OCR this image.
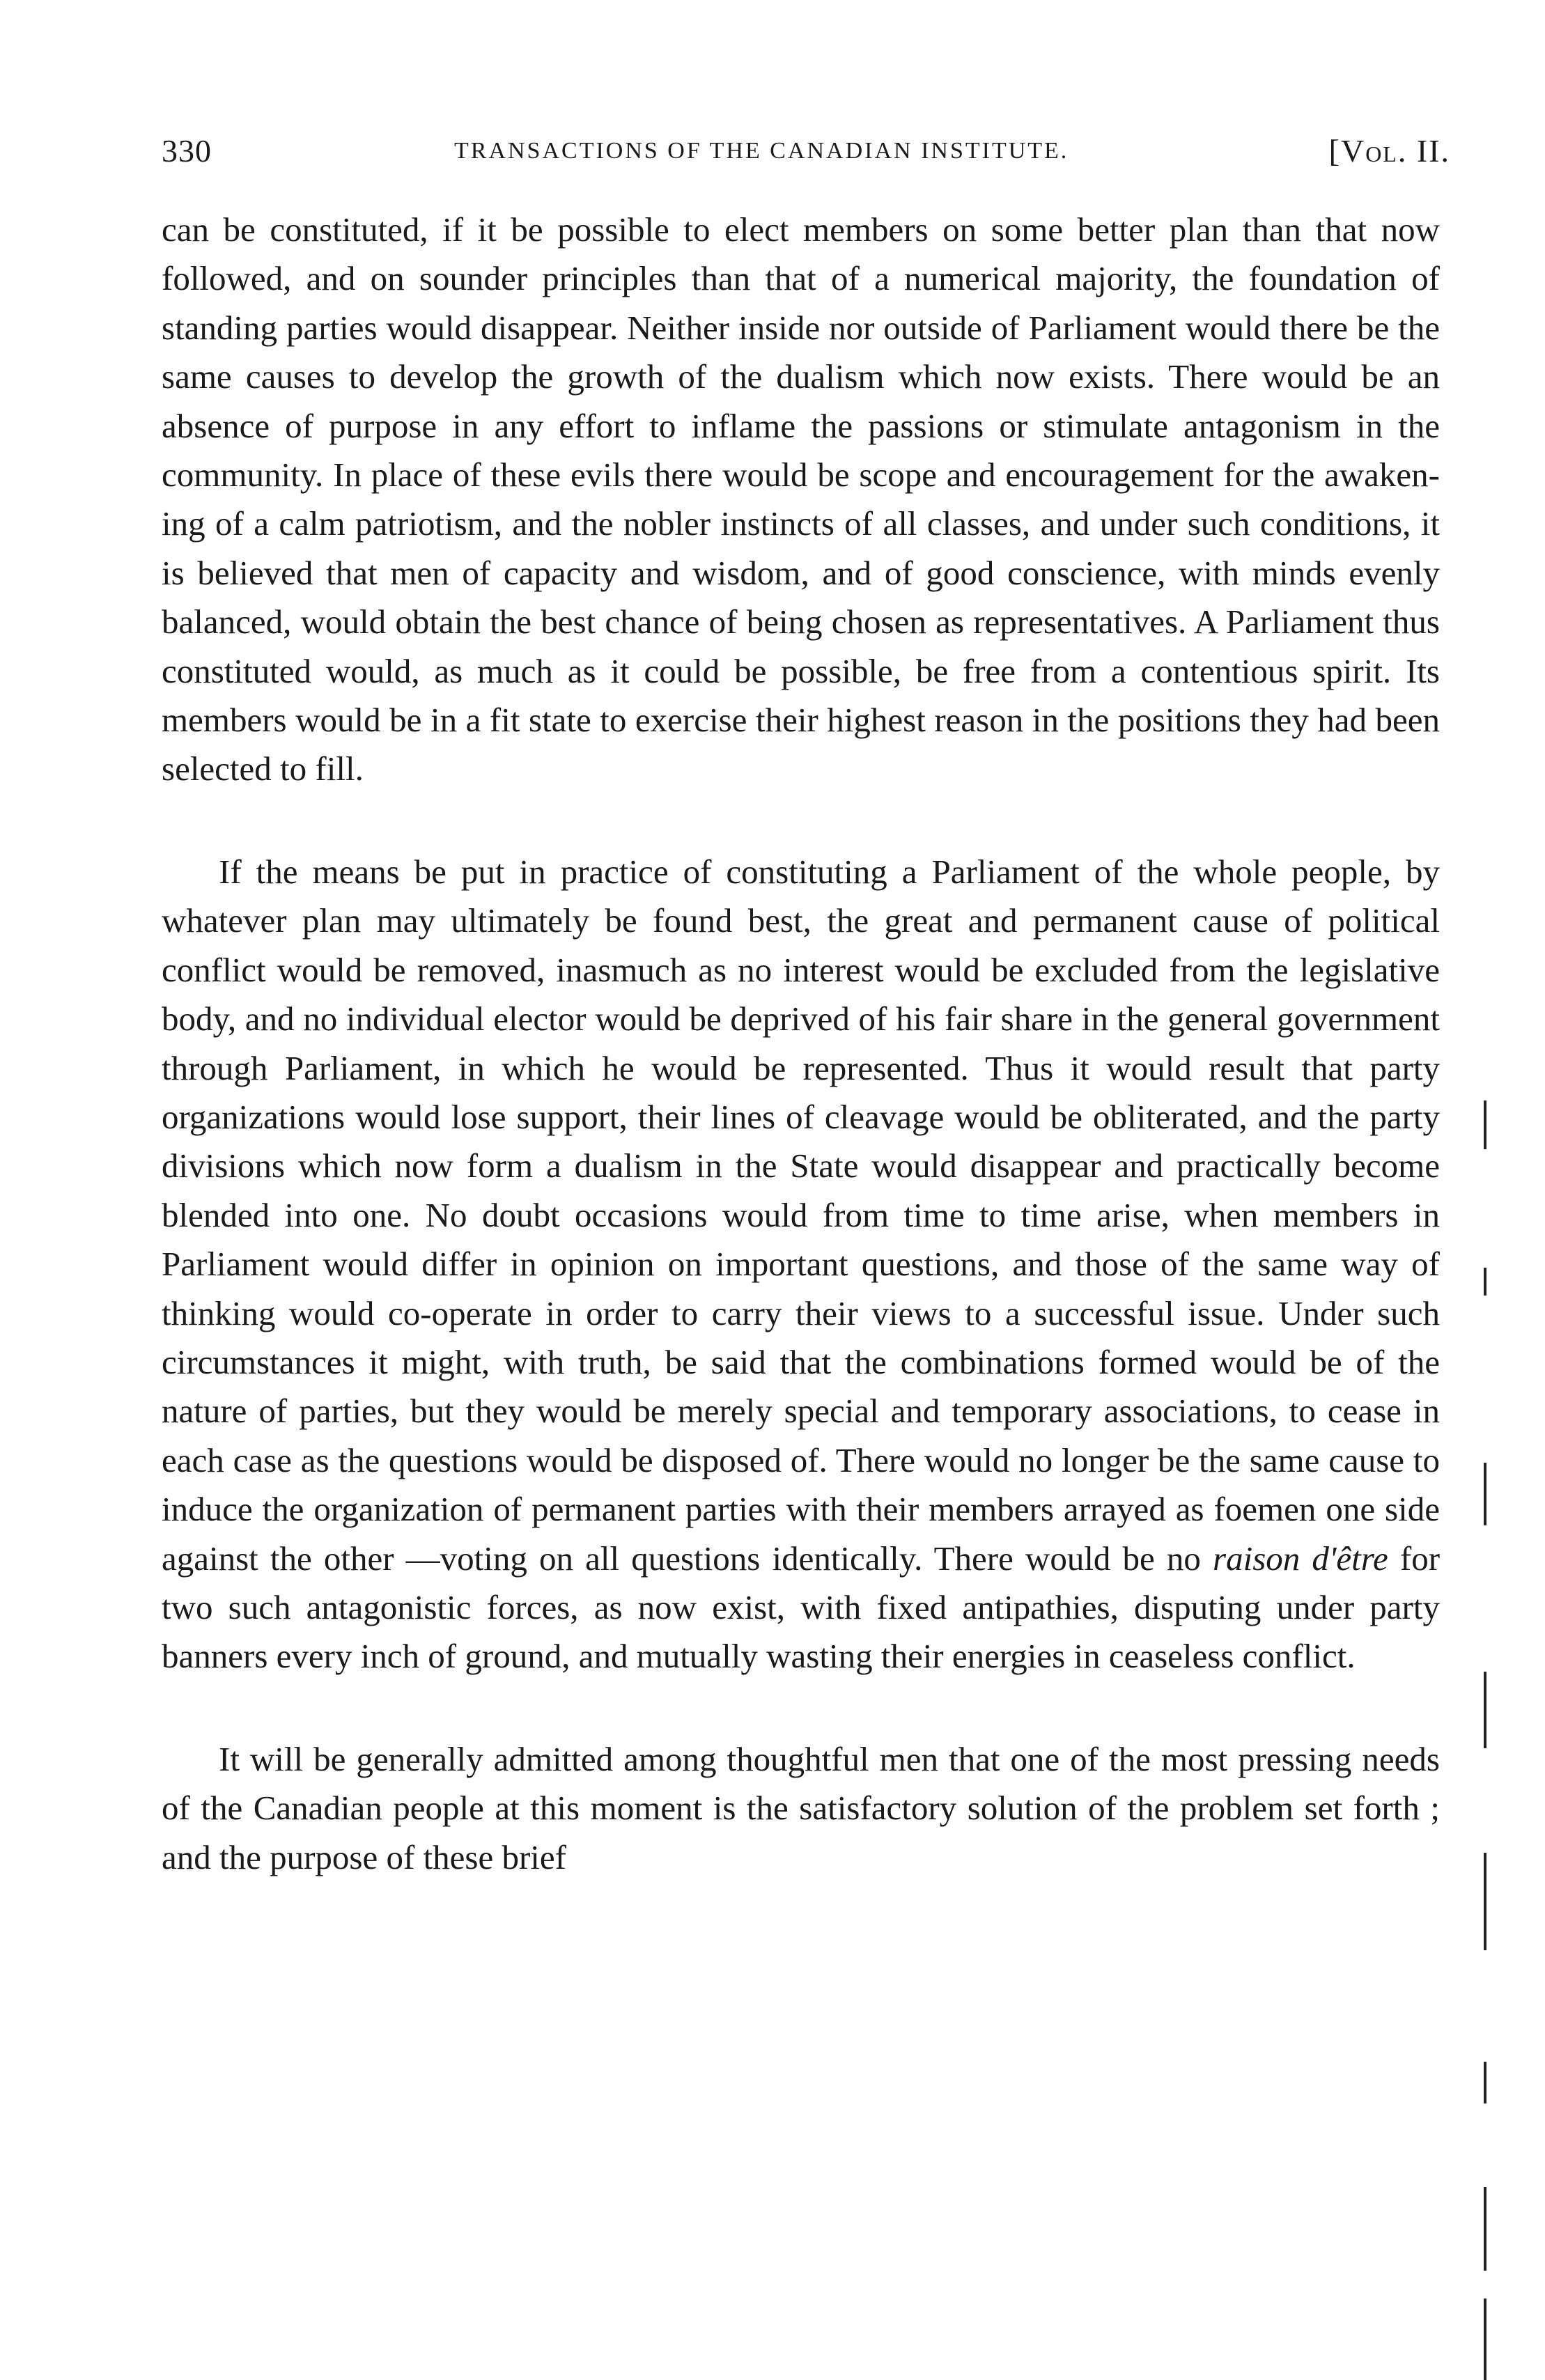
330	TRANSACTIONS OF THE CANADIAN INSTITUTE.	[Vol. II.

can be constituted, if it be possible to elect members on some better plan than that now followed, and on sounder principles than that of a numerical majority, the foundation of standing parties would disappear. Neither inside nor outside of Parliament would there be the same causes to develop the growth of the dualism which now exists. There would be an absence of purpose in any effort to inflame the passions or stimulate antagonism in the community. In place of these evils there would be scope and encouragement for the awakening of a calm patriotism, and the nobler instincts of all classes, and under such conditions, it is believed that men of capacity and wisdom, and of good conscience, with minds evenly balanced, would obtain the best chance of being chosen as representatives. A Parliament thus constituted would, as much as it could be possible, be free from a contentious spirit. Its members would be in a fit state to exercise their highest reason in the positions they had been selected to fill.

If the means be put in practice of constituting a Parliament of the whole people, by whatever plan may ultimately be found best, the great and permanent cause of political conflict would be removed, inasmuch as no interest would be excluded from the legislative body, and no individual elector would be deprived of his fair share in the general government through Parliament, in which he would be represented. Thus it would result that party organizations would lose support, their lines of cleavage would be obliterated, and the party divisions which now form a dualism in the State would disappear and practically become blended into one. No doubt occasions would from time to time arise, when members in Parliament would differ in opinion on important questions, and those of the same way of thinking would co-operate in order to carry their views to a successful issue. Under such circumstances it might, with truth, be said that the combinations formed would be of the nature of parties, but they would be merely special and temporary associations, to cease in each case as the questions would be disposed of. There would no longer be the same cause to induce the organization of permanent parties with their members arrayed as foemen one side against the other —voting on all questions identically. There would be no raison d'être for two such antagonistic forces, as now exist, with fixed antipathies, disputing under party banners every inch of ground, and mutually wasting their energies in ceaseless conflict.

It will be generally admitted among thoughtful men that one of the most pressing needs of the Canadian people at this moment is the satisfactory solution of the problem set forth ; and the purpose of these brief
